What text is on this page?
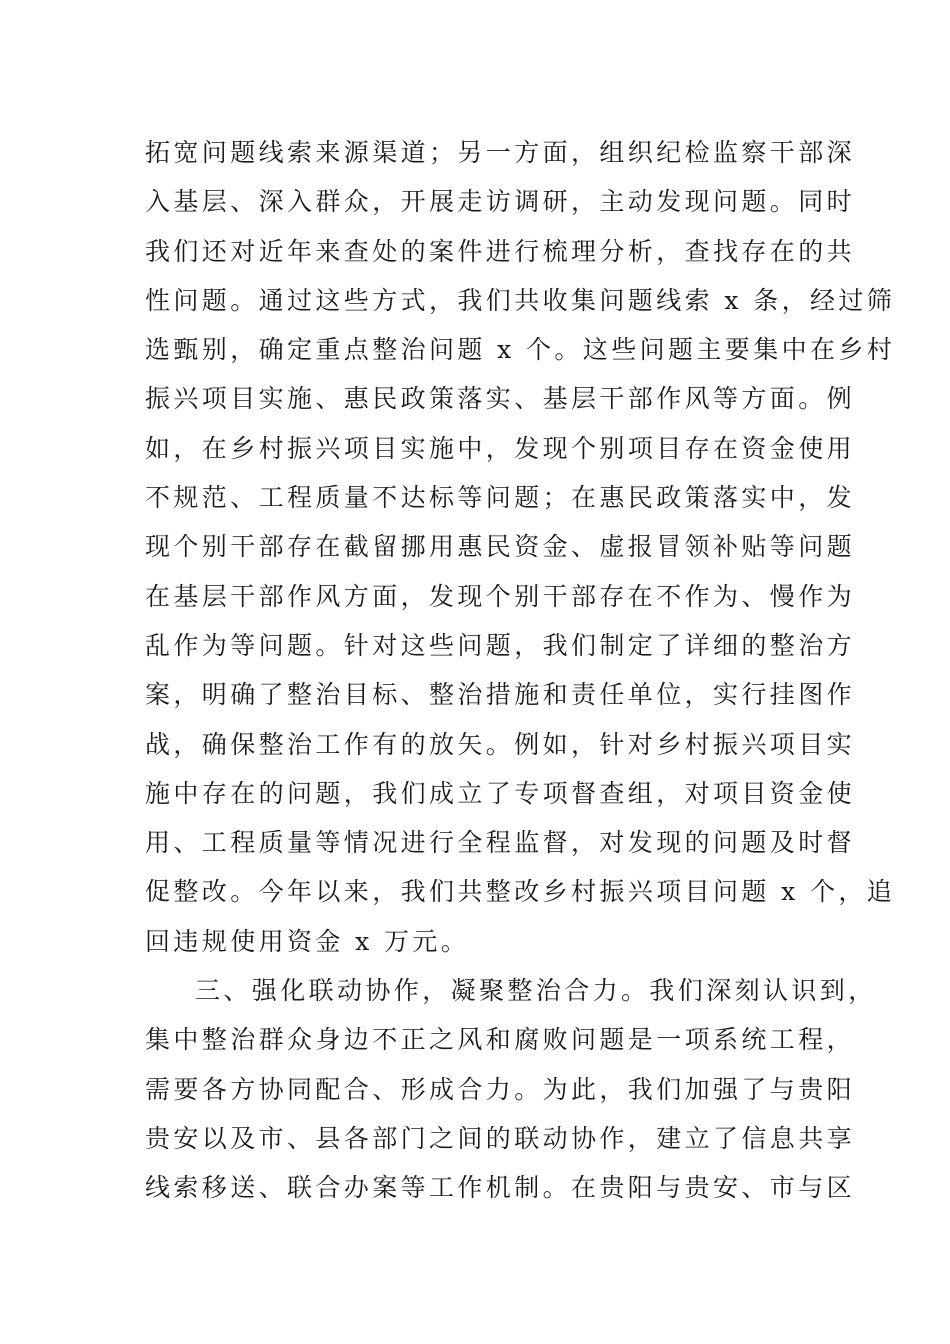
拓宽问题线索来源渠道；另一方面，组织纪检监察干部深
入基层、深入群众，开展走访调研，主动发现问题。同时
我们还对近年来查处的案件进行梳理分析，查找存在的共
性问题。通过这些方式，我们共收集问题线索 x 条，经过筛
选甄别，确定重点整治问题 x 个。这些问题主要集中在乡村
振兴项目实施、惠民政策落实、基层干部作风等方面。例
如，在乡村振兴项目实施中，发现个别项目存在资金使用
不规范、工程质量不达标等问题；在惠民政策落实中，发
现个别干部存在截留挪用惠民资金、虚报冒领补贴等问题
在基层干部作风方面，发现个别干部存在不作为、慢作为
乱作为等问题。针对这些问题，我们制定了详细的整治方
案，明确了整治目标、整治措施和责任单位，实行挂图作
战，确保整治工作有的放矢。例如，针对乡村振兴项目实
施中存在的问题，我们成立了专项督查组，对项目资金使
用、工程质量等情况进行全程监督，对发现的问题及时督
促整改。今年以来，我们共整改乡村振兴项目问题 x 个，追
回违规使用资金 x 万元。
三、强化联动协作，凝聚整治合力。我们深刻认识到，
集中整治群众身边不正之风和腐败问题是一项系统工程，
需要各方协同配合、形成合力。为此，我们加强了与贵阳
贵安以及市、县各部门之间的联动协作，建立了信息共享
线索移送、联合办案等工作机制。在贵阳与贵安、市与区
